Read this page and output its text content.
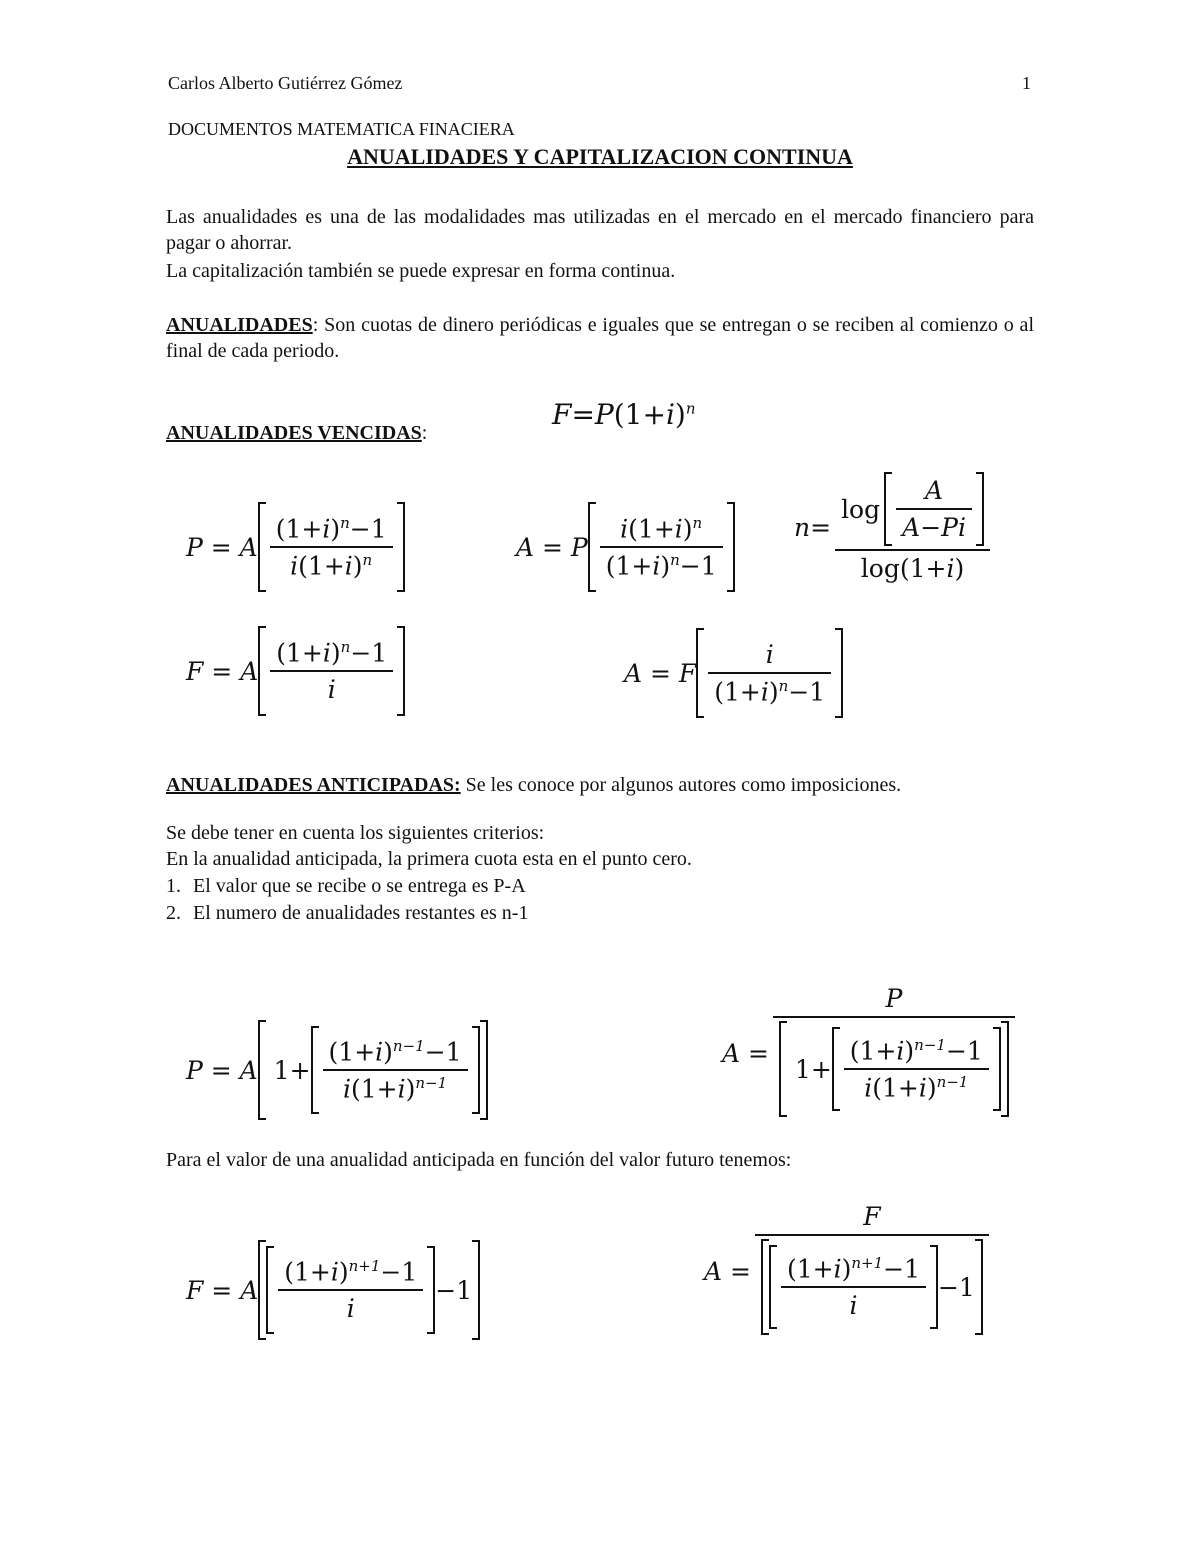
Carlos Alberto Gutiérrez Gómez	1
DOCUMENTOS MATEMATICA FINACIERA
ANUALIDADES Y CAPITALIZACION CONTINUA
Las anualidades es una de las modalidades mas utilizadas en el mercado en el mercado financiero para pagar o ahorrar.
La capitalización también se puede expresar en forma continua.
ANUALIDADES: Son cuotas de dinero periódicas e iguales que se entregan o se reciben al comienzo o al final de cada periodo.
ANUALIDADES VENCIDAS:
$F=P(1+i)^n$
P = A $\frac{(1+i)^n-1}{i(1+i)^n}$	A = P $\frac{i(1+i)^n}{(1+i)^n-1}$	$n = \frac{\log \frac{A}{A-Pi}}{\log(1+i)}$
F = A $\frac{(1+i)^n-1}{i}$	A = F $\frac{i}{(1+i)^n-1}$
ANUALIDADES ANTICIPADAS: Se les conoce por algunos autores como imposiciones.
Se debe tener en cuenta los siguientes criterios:
En la anualidad anticipada, la primera cuota esta en el punto cero.
1. El valor que se recibe o se entrega es P-A
2. El numero de anualidades restantes es n-1
P = A $1+ \frac{(1+i)^{n-1}-1}{i(1+i)^{n-1}}$	$A = \frac{P}{1+ \frac{(1+i)^{n-1}-1}{i(1+i)^{n-1}}}$
Para el valor de una anualidad anticipada en función del valor futuro tenemos:
F = A $\frac{(1+i)^{n+1}-1}{i} -1$
$A = \frac{F}{\frac{(1+i)^{n+1}-1}{i} -1}$
